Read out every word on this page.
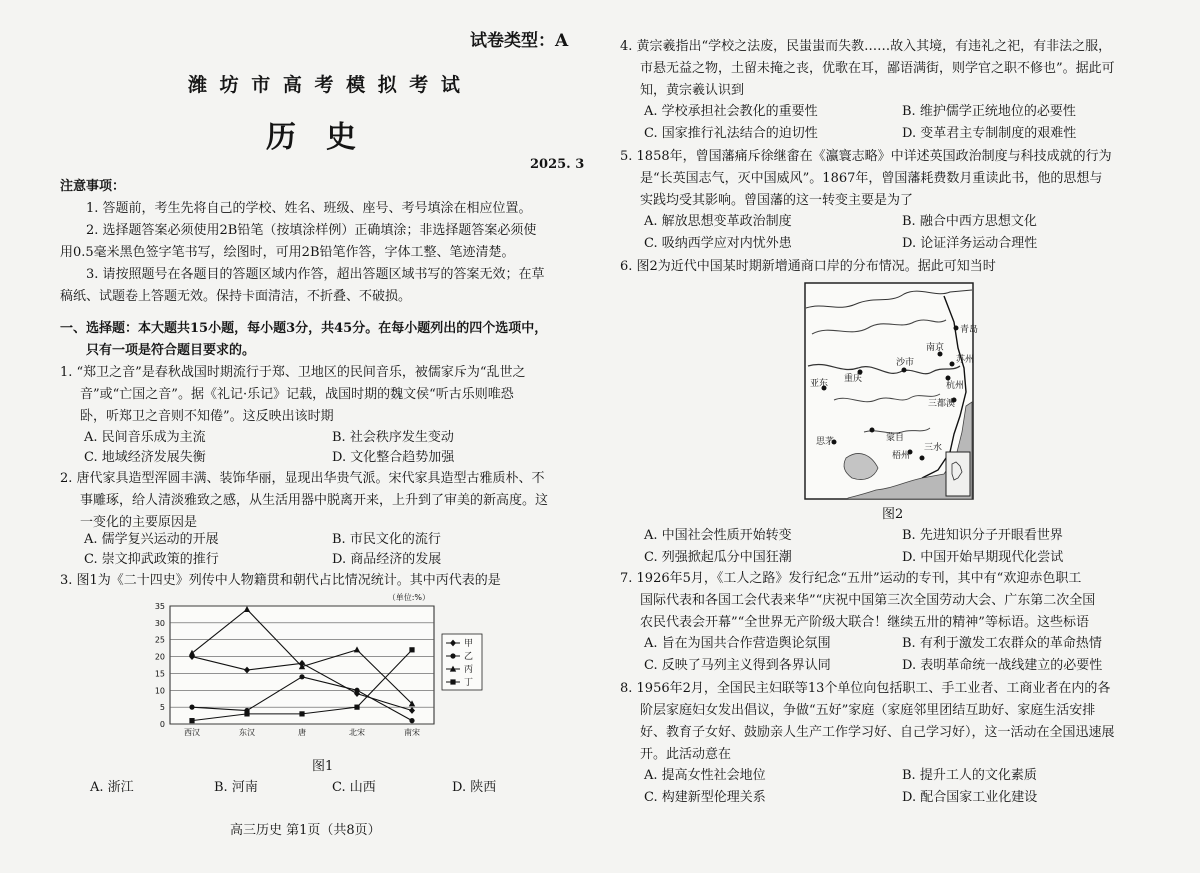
试卷类型：A
潍 坊 市 高 考 模 拟 考 试
历　史
2025. 3
注意事项：
1. 答题前，考生先将自己的学校、姓名、班级、座号、考号填涂在相应位置。
2. 选择题答案必须使用2B铅笔（按填涂样例）正确填涂；非选择题答案必须使
用0.5毫米黑色签字笔书写，绘图时，可用2B铅笔作答，字体工整、笔迹清楚。
3. 请按照题号在各题目的答题区域内作答，超出答题区域书写的答案无效；在草
稿纸、试题卷上答题无效。保持卡面清洁，不折叠、不破损。
一、选择题：本大题共15小题，每小题3分，共45分。在每小题列出的四个选项中，
只有一项是符合题目要求的。
1. “郑卫之音”是春秋战国时期流行于郑、卫地区的民间音乐，被儒家斥为“乱世之
音”或“亡国之音”。据《礼记·乐记》记载，战国时期的魏文侯“听古乐则唯恐
卧，听郑卫之音则不知倦”。这反映出该时期
A. 民间音乐成为主流	B. 社会秩序发生变动
C. 地域经济发展失衡	D. 文化整合趋势加强
2. 唐代家具造型浑圆丰满、装饰华丽，显现出华贵气派。宋代家具造型古雅质朴、不
事雕琢，给人清淡雅致之感，从生活用器中脱离开来，上升到了审美的新高度。这
一变化的主要原因是
A. 儒学复兴运动的开展	B. 市民文化的流行
C. 崇文抑武政策的推行	D. 商品经济的发展
3. 图1为《二十四史》列传中人物籍贯和朝代占比情况统计。其中丙代表的是
0
5
10
15
20
25
30
35
西汉	东汉	唐	北宋	南宋
（单位:%）
甲
乙
丙
丁
图1
A. 浙江	B. 河南	C. 山西	D. 陕西
高三历史 第1页（共8页）
4. 黄宗羲指出“学校之法废，民蚩蚩而失教……故入其境，有违礼之祀，有非法之服，
市悬无益之物，土留未掩之丧，优歌在耳，鄙语满街，则学官之职不修也”。据此可
知，黄宗羲认识到
A. 学校承担社会教化的重要性	B. 维护儒学正统地位的必要性
C. 国家推行礼法结合的迫切性	D. 变革君主专制制度的艰难性
5. 1858年，曾国藩痛斥徐继畬在《瀛寰志略》中详述英国政治制度与科技成就的行为
是“长英国志气，灭中国威风”。1867年，曾国藩耗费数月重读此书，他的思想与
实践均受其影响。曾国藩的这一转变主要是为了
A. 解放思想变革政治制度	B. 融合中西方思想文化
C. 吸纳西学应对内忧外患	D. 论证洋务运动合理性
6. 图2为近代中国某时期新增通商口岸的分布情况。据此可知当时
青岛
南京
重庆
沙市	苏州
杭州
亚东
蒙自
三都澳
思茅
梧州
三水
图2
A. 中国社会性质开始转变	B. 先进知识分子开眼看世界
C. 列强掀起瓜分中国狂潮	D. 中国开始早期现代化尝试
7. 1926年5月，《工人之路》发行纪念“五卅”运动的专刊，其中有“欢迎赤色职工
国际代表和各国工会代表来华”“庆祝中国第三次全国劳动大会、广东第二次全国
农民代表会开幕”“全世界无产阶级大联合！继续五卅的精神”等标语。这些标语
A. 旨在为国共合作营造舆论氛围	B. 有利于激发工农群众的革命热情
C. 反映了马列主义得到各界认同	D. 表明革命统一战线建立的必要性
8. 1956年2月，全国民主妇联等13个单位向包括职工、手工业者、工商业者在内的各
阶层家庭妇女发出倡议，争做“五好”家庭（家庭邻里团结互助好、家庭生活安排
好、教育子女好、鼓励亲人生产工作学习好、自己学习好），这一活动在全国迅速展
开。此活动意在
A. 提高女性社会地位	B. 提升工人的文化素质
C. 构建新型伦理关系	D. 配合国家工业化建设
